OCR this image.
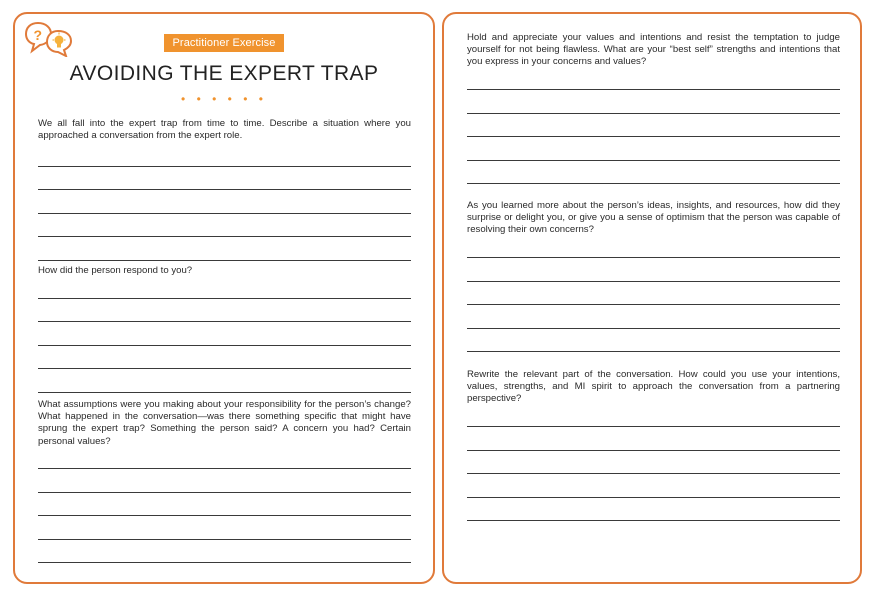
?	Practitioner Exercise
AVOIDING THE EXPERT TRAP
• • • • • •

We all fall into the expert trap from time to time. Describe a situation where you approached a conversation from the expert role.

How did the person respond to you?

What assumptions were you making about your responsibility for the person’s change? What happened in the conversation—was there something specific that might have sprung the expert trap? Something the person said? A concern you had? Certain personal values?

Hold and appreciate your values and intentions and resist the temptation to judge yourself for not being flawless. What are your “best self” strengths and intentions that you express in your concerns and values?

As you learned more about the person’s ideas, insights, and resources, how did they surprise or delight you, or give you a sense of optimism that the person was capable of resolving their own concerns?

Rewrite the relevant part of the conversation. How could you use your intentions, values, strengths, and MI spirit to approach the conversation from a partnering perspective?
